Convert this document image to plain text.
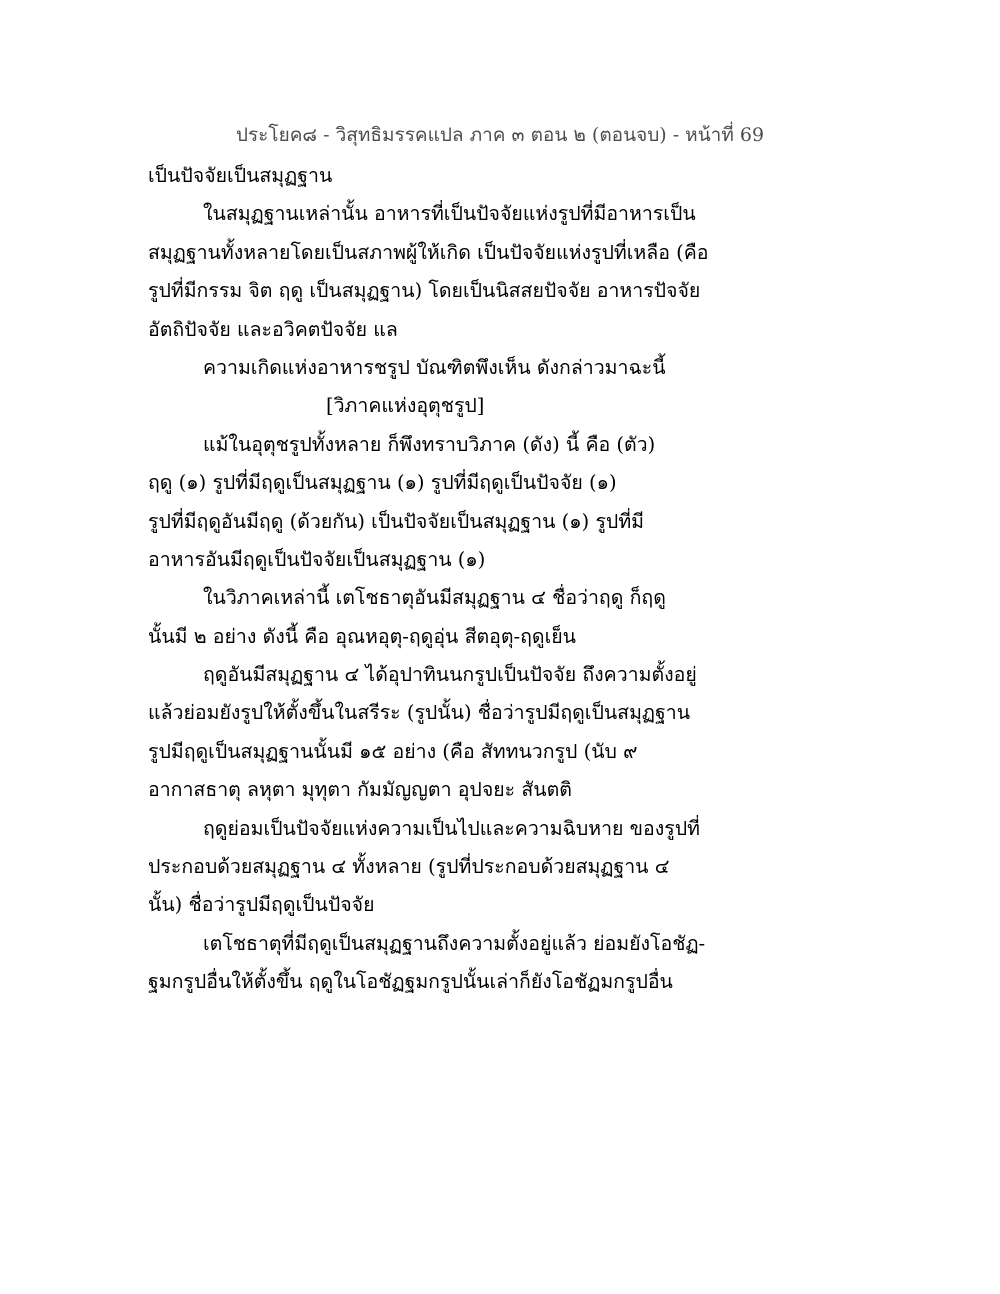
ประโยค๘ - วิสุทธิมรรคแปล ภาค ๓ ตอน ๒ (ตอนจบ) - หน้าที่ 69
เป็นปัจจัยเป็นสมุฏฐาน
ในสมุฏฐานเหล่านั้น อาหารที่เป็นปัจจัยแห่งรูปที่มีอาหารเป็น
สมุฏฐานทั้งหลายโดยเป็นสภาพผู้ให้เกิด เป็นปัจจัยแห่งรูปที่เหลือ (คือ
รูปที่มีกรรม จิต ฤดู เป็นสมุฏฐาน) โดยเป็นนิสสยปัจจัย อาหารปัจจัย
อัตถิปัจจัย และอวิคตปัจจัย แล
ความเกิดแห่งอาหารชรูป บัณฑิตพึงเห็น ดังกล่าวมาฉะนี้
[วิภาคแห่งอุตุชรูป]
แม้ในอุตุชรูปทั้งหลาย ก็พึงทราบวิภาค (ดัง) นี้ คือ (ตัว)
ฤดู (๑) รูปที่มีฤดูเป็นสมุฏฐาน (๑) รูปที่มีฤดูเป็นปัจจัย (๑)
รูปที่มีฤดูอันมีฤดู (ด้วยกัน) เป็นปัจจัยเป็นสมุฏฐาน (๑) รูปที่มี
อาหารอันมีฤดูเป็นปัจจัยเป็นสมุฏฐาน (๑)
ในวิภาคเหล่านี้ เตโชธาตุอันมีสมุฏฐาน ๔ ชื่อว่าฤดู ก็ฤดู
นั้นมี ๒ อย่าง ดังนี้ คือ อุณหอุตุ-ฤดูอุ่น สีตอุตุ-ฤดูเย็น
ฤดูอันมีสมุฏฐาน ๔ ได้อุปาทินนกรูปเป็นปัจจัย ถึงความตั้งอยู่
แล้วย่อมยังรูปให้ตั้งขึ้นในสรีระ (รูปนั้น) ชื่อว่ารูปมีฤดูเป็นสมุฏฐาน
รูปมีฤดูเป็นสมุฏฐานนั้นมี ๑๕ อย่าง (คือ สัททนวกรูป (นับ ๙
อากาสธาตุ ลหุตา มุทุตา กัมมัญญตา อุปจยะ สันตติ
ฤดูย่อมเป็นปัจจัยแห่งความเป็นไปและความฉิบหาย ของรูปที่
ประกอบด้วยสมุฏฐาน ๔ ทั้งหลาย (รูปที่ประกอบด้วยสมุฏฐาน ๔
นั้น) ชื่อว่ารูปมีฤดูเป็นปัจจัย
เตโชธาตุที่มีฤดูเป็นสมุฏฐานถึงความตั้งอยู่แล้ว ย่อมยังโอชัฏ-
ฐมกรูปอื่นให้ตั้งขึ้น ฤดูในโอชัฏฐมกรูปนั้นเล่าก็ยังโอชัฏมกรูปอื่น
